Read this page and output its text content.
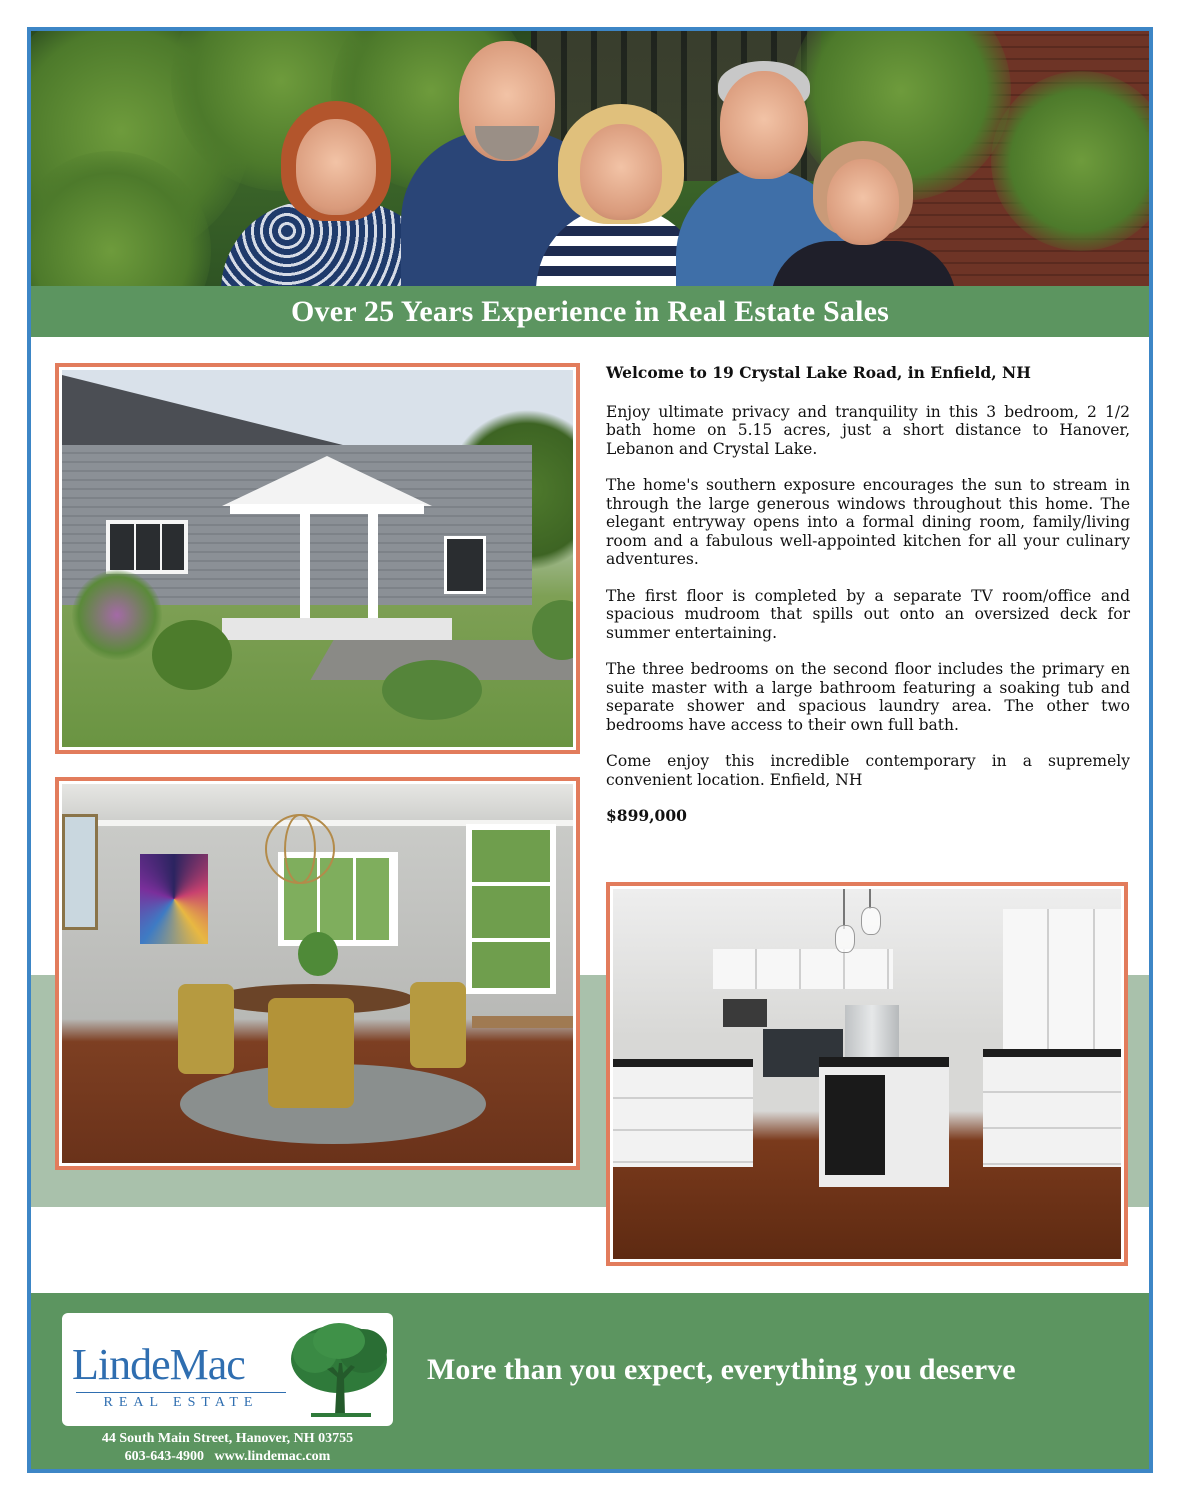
Over 25 Years Experience in Real Estate Sales
Welcome to 19 Crystal Lake Road, in Enfield, NH

Enjoy ultimate privacy and tranquility in this 3 bedroom, 2 1/2 bath home on 5.15 acres, just a short distance to Hanover, Lebanon and Crystal Lake.

The home's southern exposure encourages the sun to stream in through the large generous windows throughout this home. The elegant entryway opens into a formal dining room, family/living room and a fabulous well-appointed kitchen for all your culinary adventures.

The first floor is completed by a separate TV room/office and spacious mudroom that spills out onto an oversized deck for summer entertaining.

The three bedrooms on the second floor includes the primary en suite master with a large bathroom featuring a soaking tub and separate shower and spacious laundry area. The other two bedrooms have access to their own full bath.

Come enjoy this incredible contemporary in a supremely convenient location. Enfield, NH

$899,000

LindeMac
REAL ESTATE
More than you expect, everything you deserve
44 South Main Street, Hanover, NH 03755
603-643-4900   www.lindemac.com
